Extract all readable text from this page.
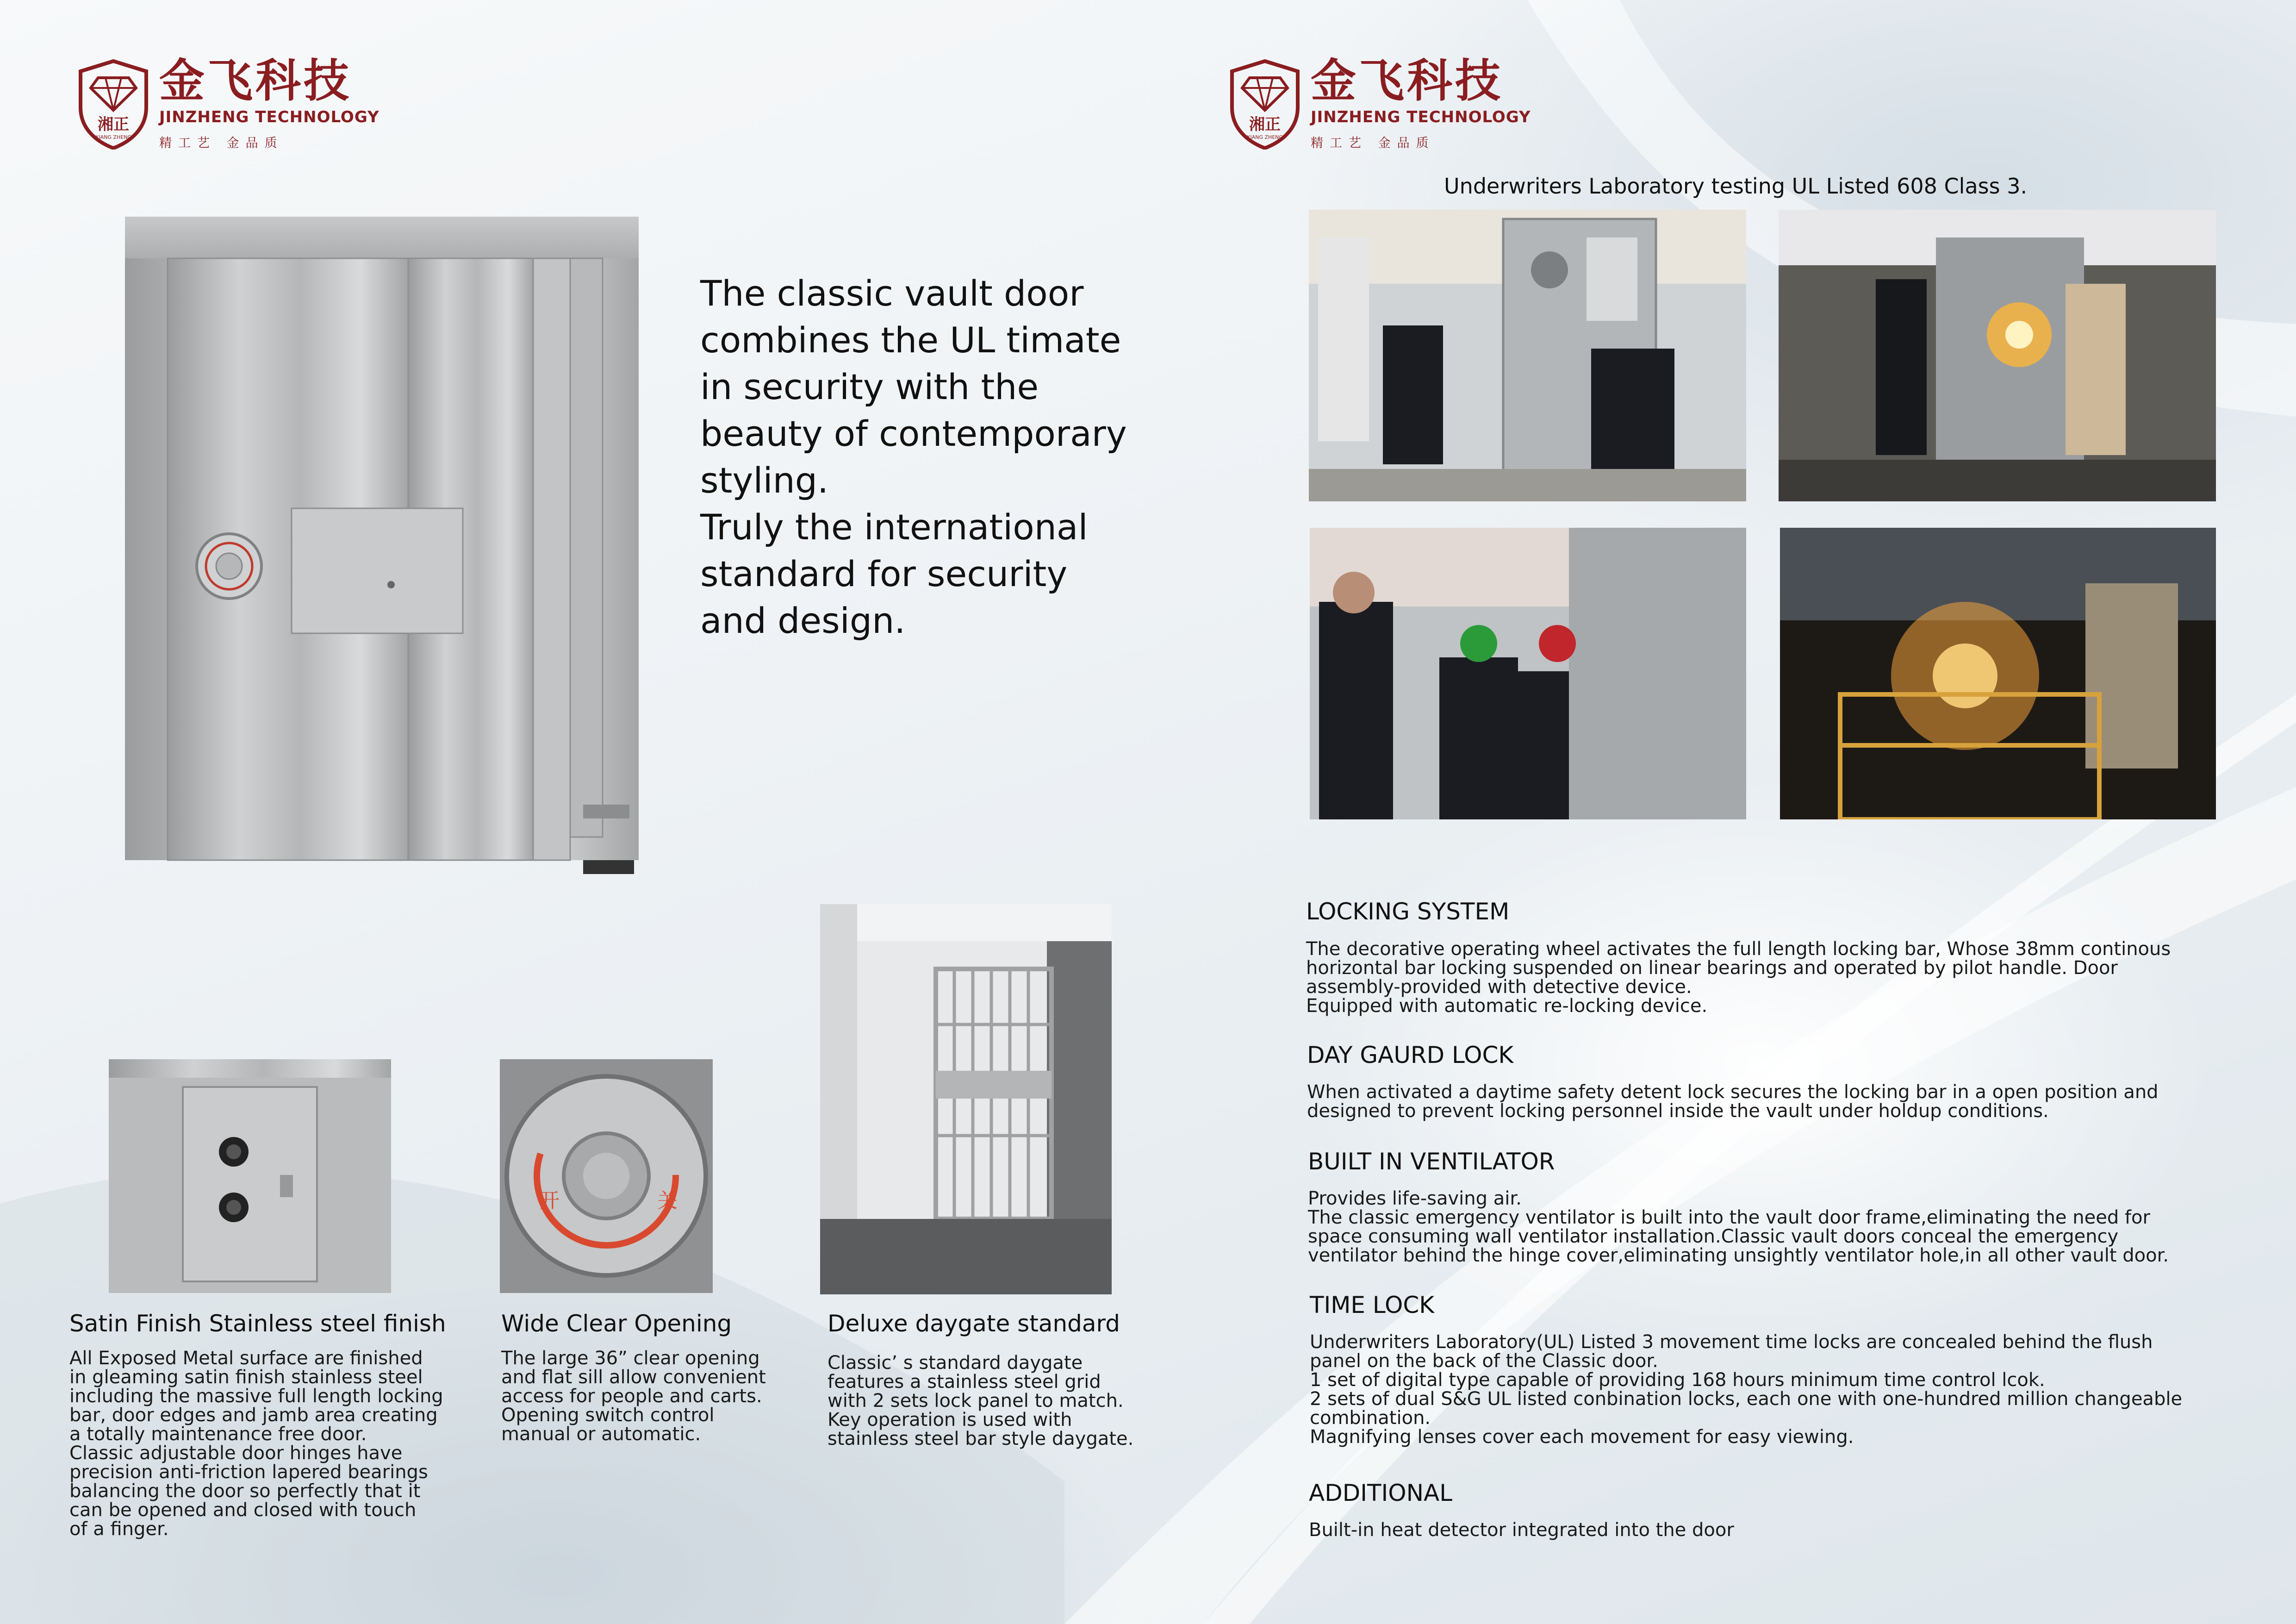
湘正
XIANG ZHENG
金飞科技
JINZHENG TECHNOLOGY
精工艺 金品质
湘正
XIANG ZHENG
金飞科技
JINZHENG TECHNOLOGY
精工艺 金品质

The classic vault door

combines the UL timate

in security with the

beauty of contemporary

styling.

Truly the international

standard for security

and design.

开	关
Satin Finish Stainless steel finish
All Exposed Metal surface are finished
in gleaming satin finish stainless steel
including the massive full length locking
bar, door edges and jamb area creating
a totally maintenance free door.
Classic adjustable door hinges have
precision anti-friction lapered bearings
balancing the door so perfectly that it
can be opened and closed with touch
of a finger.
Wide Clear Opening
The large 36” clear opening
and flat sill allow convenient
access for people and carts.
Opening switch control
manual or automatic.
Deluxe daygate standard
Classic’ s standard daygate
features a stainless steel grid
with 2 sets lock panel to match.
Key operation is used with
stainless steel bar style daygate.
Underwriters Laboratory testing UL Listed 608 Class 3.
LOCKING SYSTEM
The decorative operating wheel activates the full length locking bar, Whose 38mm continous
horizontal bar locking suspended on linear bearings and operated by pilot handle. Door
assembly-provided with detective device.
Equipped with automatic re-locking device.
DAY GAURD LOCK
When activated a daytime safety detent lock secures the locking bar in a open position and
designed to prevent locking personnel inside the vault under holdup conditions.
BUILT IN VENTILATOR
Provides life-saving air.
The classic emergency ventilator is built into the vault door frame,eliminating the need for
space consuming wall ventilator installation.Classic vault doors conceal the emergency
ventilator behind the hinge cover,eliminating unsightly ventilator hole,in all other vault door.
TIME LOCK
Underwriters Laboratory(UL) Listed 3 movement time locks are concealed behind the flush
panel on the back of the Classic door.
1 set of digital type capable of providing 168 hours minimum time control lcok.
2 sets of dual S&G UL listed conbination locks, each one with one-hundred million changeable
combination.
Magnifying lenses cover each movement for easy viewing.
ADDITIONAL
Built-in heat detector integrated into the door
